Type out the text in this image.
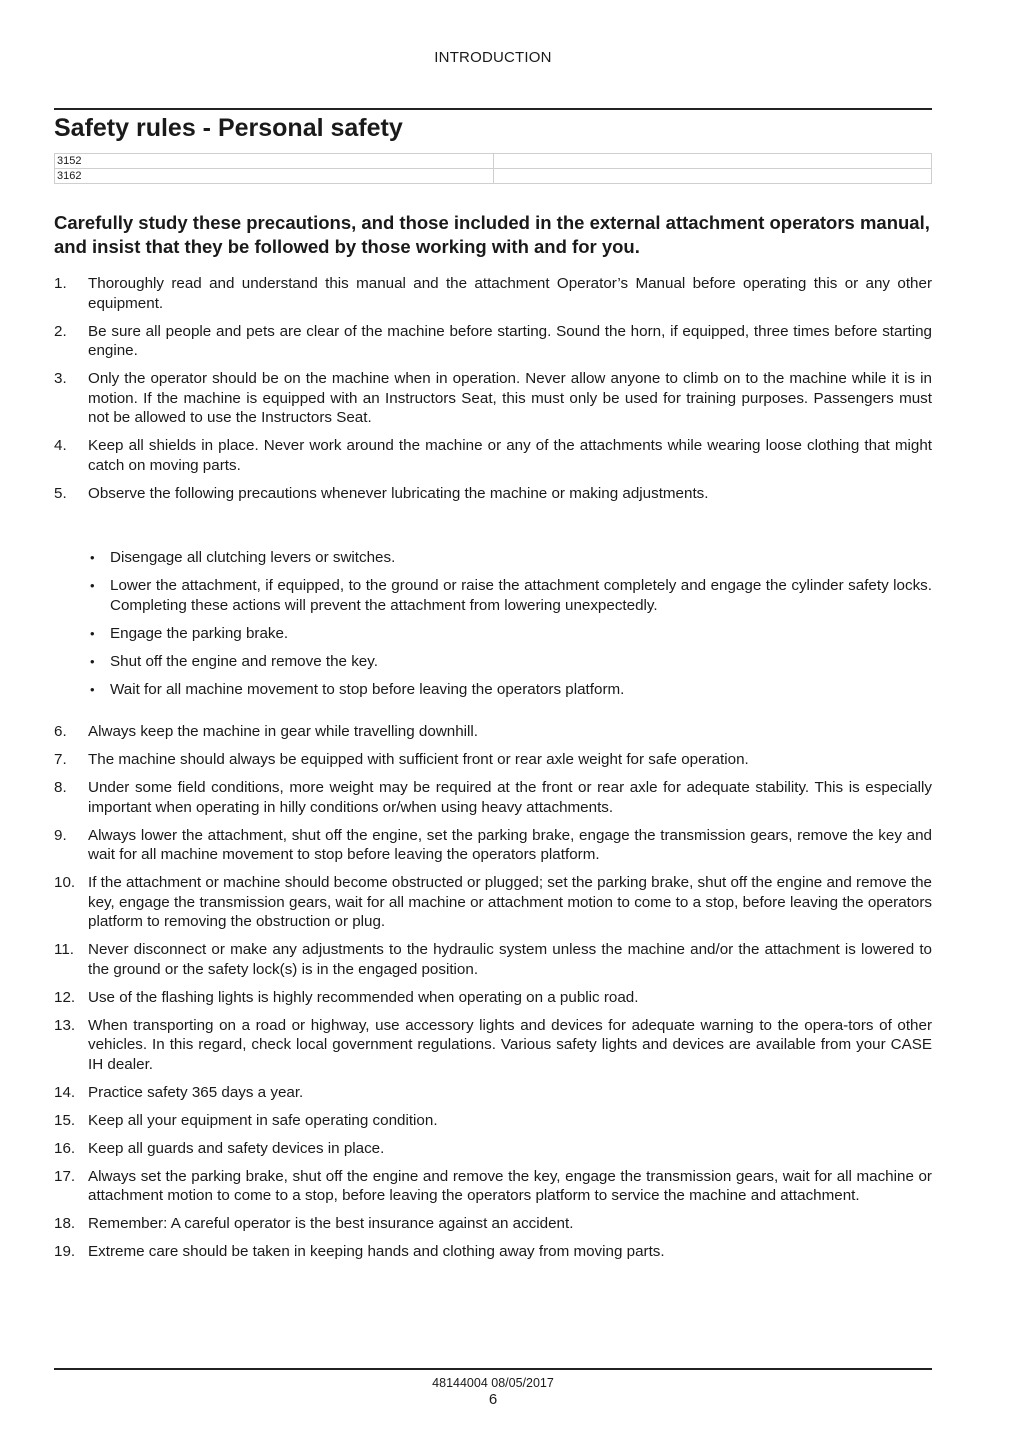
INTRODUCTION
Safety rules - Personal safety
3152	
3162	

Carefully study these precautions, and those included in the external attachment operators manual, and insist that they be followed by those working with and for you.

1. Thoroughly read and understand this manual and the attachment Operator’s Manual before operating this or any other equipment.
2. Be sure all people and pets are clear of the machine before starting. Sound the horn, if equipped, three times before starting engine.
3. Only the operator should be on the machine when in operation. Never allow anyone to climb on to the machine while it is in motion. If the machine is equipped with an Instructors Seat, this must only be used for training purposes. Passengers must not be allowed to use the Instructors Seat.
4. Keep all shields in place. Never work around the machine or any of the attachments while wearing loose clothing that might catch on moving parts.
5. Observe the following precautions whenever lubricating the machine or making adjustments.
• Disengage all clutching levers or switches.
• Lower the attachment, if equipped, to the ground or raise the attachment completely and engage the cylinder safety locks. Completing these actions will prevent the attachment from lowering unexpectedly.
• Engage the parking brake.
• Shut off the engine and remove the key.
• Wait for all machine movement to stop before leaving the operators platform.
6. Always keep the machine in gear while travelling downhill.
7. The machine should always be equipped with sufficient front or rear axle weight for safe operation.
8. Under some field conditions, more weight may be required at the front or rear axle for adequate stability. This is especially important when operating in hilly conditions or/when using heavy attachments.
9. Always lower the attachment, shut off the engine, set the parking brake, engage the transmission gears, remove the key and wait for all machine movement to stop before leaving the operators platform.
10. If the attachment or machine should become obstructed or plugged; set the parking brake, shut off the engine and remove the key, engage the transmission gears, wait for all machine or attachment motion to come to a stop, before leaving the operators platform to removing the obstruction or plug.
11. Never disconnect or make any adjustments to the hydraulic system unless the machine and/or the attachment is lowered to the ground or the safety lock(s) is in the engaged position.
12. Use of the flashing lights is highly recommended when operating on a public road.
13. When transporting on a road or highway, use accessory lights and devices for adequate warning to the opera-tors of other vehicles. In this regard, check local government regulations. Various safety lights and devices are available from your CASE IH dealer.
14. Practice safety 365 days a year.
15. Keep all your equipment in safe operating condition.
16. Keep all guards and safety devices in place.
17. Always set the parking brake, shut off the engine and remove the key, engage the transmission gears, wait for all machine or attachment motion to come to a stop, before leaving the operators platform to service the machine and attachment.
18. Remember: A careful operator is the best insurance against an accident.
19. Extreme care should be taken in keeping hands and clothing away from moving parts.
48144004 08/05/2017
6
